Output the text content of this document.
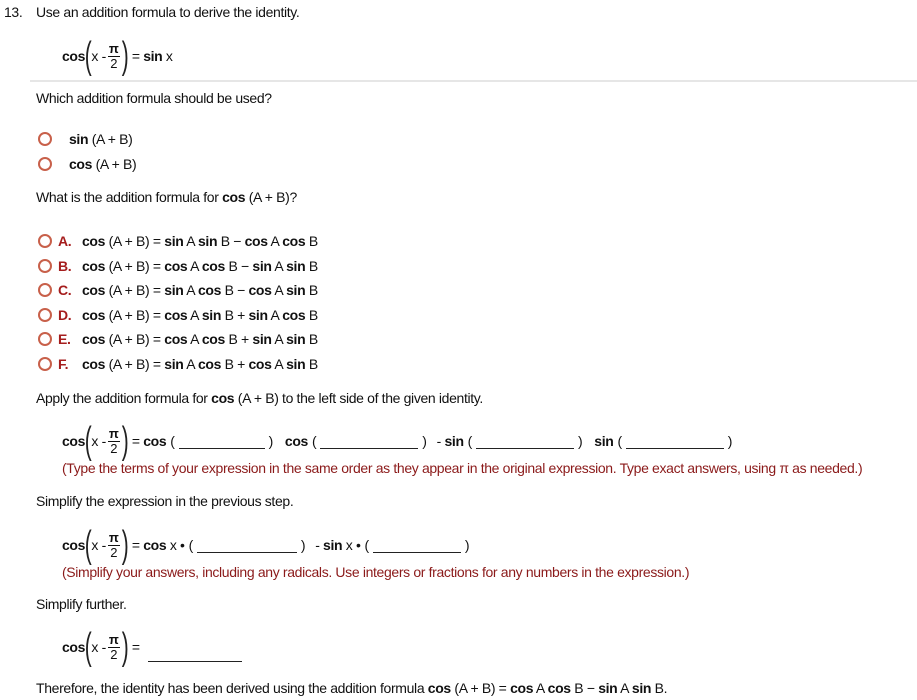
13. Use an addition formula to derive the identity.
cos ( x
- $\frac{\pi}{2}$ ) = sin x
Which addition formula should be used?
sin (A + B)
cos (A + B)
What is the addition formula for cos (A + B)?
A. cos (A + B) = sin A sin B − cos A cos B
B. cos (A + B) = cos A cos B − sin A sin B
C. cos (A + B) = sin A cos B − cos A sin B
D. cos (A + B) = cos A sin B + sin A cos B
E. cos (A + B) = cos A cos B + sin A sin B
F. cos (A + B) = sin A cos B + cos A sin B
Apply the addition formula for cos (A + B) to the left side of the given identity.
cos ( x
- $\frac{\pi}{2}$ ) = cos (	) cos (	) - sin (	) sin (	)
(Type the terms of your expression in the same order as they appear in the original expression. Type exact answers, using π as needed.)
Simplify the expression in the previous step.
cos ( x
- $\frac{\pi}{2}$ ) = cos x • (	) - sin x • (	)
(Simplify your answers, including any radicals. Use integers or fractions for any numbers in the expression.)
Simplify further.
cos ( x
- $\frac{\pi}{2}$ ) =
Therefore, the identity has been derived using the addition formula cos (A + B) = cos A cos B − sin A sin B.
